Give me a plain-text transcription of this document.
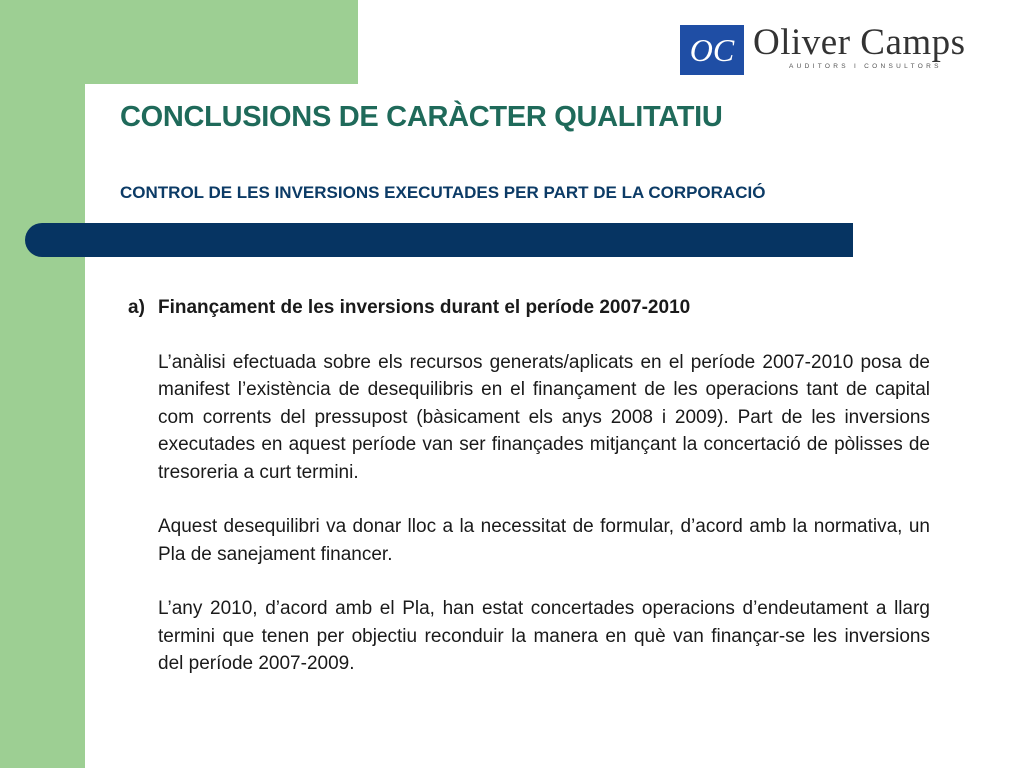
OC Oliver Camps
AUDITORS I CONSULTORS
CONCLUSIONS DE CARÀCTER QUALITATIU
CONTROL DE LES INVERSIONS EXECUTADES PER PART DE LA CORPORACIÓ
a) Finançament de les inversions durant el període 2007-2010

L’anàlisi efectuada sobre els recursos generats/aplicats en el període 2007-2010 posa de manifest l’existència de desequilibris en el finançament de les operacions tant de capital com corrents del pressupost (bàsicament els anys 2008 i 2009). Part de les inversions executades en aquest període van ser finançades mitjançant la concertació de pòlisses de tresoreria a curt termini.

Aquest desequilibri va donar lloc a la necessitat de formular, d’acord amb la normativa, un Pla de sanejament financer.

L’any 2010, d’acord amb el Pla, han estat concertades operacions d’endeutament a llarg termini que tenen per objectiu reconduir la manera en què van finançar-se les inversions del període 2007-2009.
